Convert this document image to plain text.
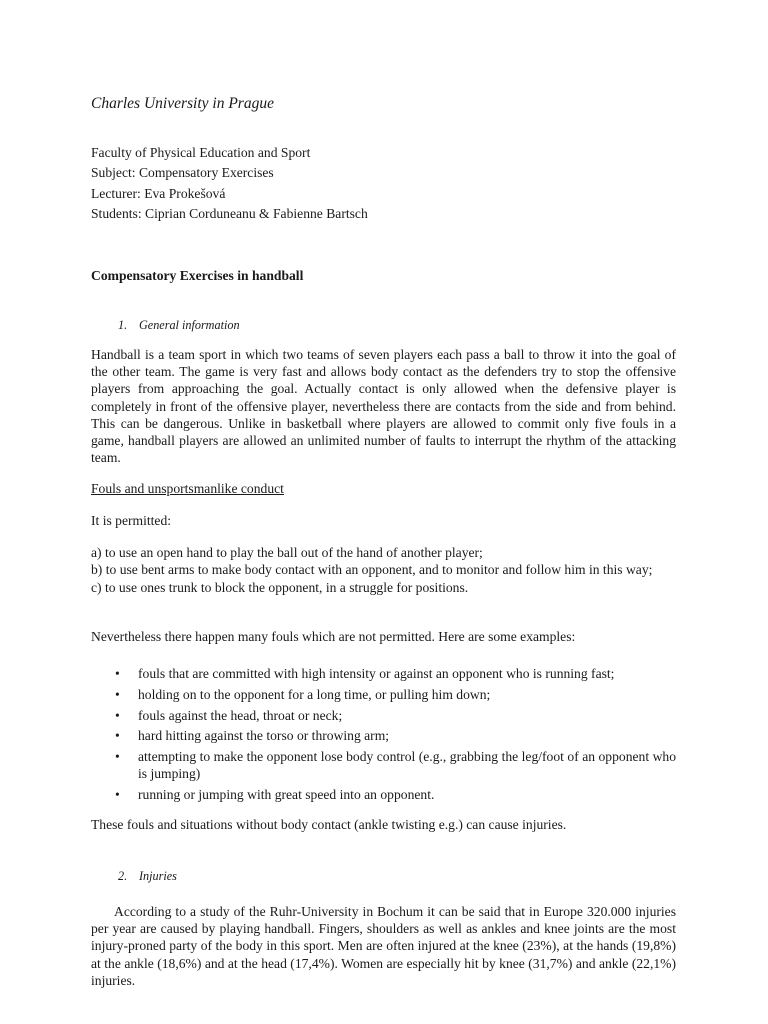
Charles University in Prague
Faculty of Physical Education and Sport
Subject: Compensatory Exercises
Lecturer: Eva Prokešová
Students: Ciprian Corduneanu & Fabienne Bartsch
Compensatory Exercises in handball
1. General information

Handball is a team sport in which two teams of seven players each pass a ball to throw it into the goal of the other team. The game is very fast and allows body contact as the defenders try to stop the offensive players from approaching the goal. Actually contact is only allowed when the defensive player is completely in front of the offensive player, nevertheless there are contacts from the side and from behind. This can be dangerous. Unlike in basketball where players are allowed to commit only five fouls in a game, handball players are allowed an unlimited number of faults to interrupt the rhythm of the attacking team.

Fouls and unsportsmanlike conduct

It is permitted:

a) to use an open hand to play the ball out of the hand of another player;
b) to use bent arms to make body contact with an opponent, and to monitor and follow him in this way;
c) to use ones trunk to block the opponent, in a struggle for positions.

Nevertheless there happen many fouls which are not permitted. Here are some examples:

• fouls that are committed with high intensity or against an opponent who is running fast;
• holding on to the opponent for a long time, or pulling him down;
• fouls against the head, throat or neck;
• hard hitting against the torso or throwing arm;
• attempting to make the opponent lose body control (e.g., grabbing the leg/foot of an opponent who is jumping)
• running or jumping with great speed into an opponent.

These fouls and situations without body contact (ankle twisting e.g.) can cause injuries.

2. Injuries

According to a study of the Ruhr-University in Bochum it can be said that in Europe 320.000 injuries per year are caused by playing handball. Fingers, shoulders as well as ankles and knee joints are the most injury-proned party of the body in this sport. Men are often injured at the knee (23%), at the hands (19,8%) at the ankle (18,6%) and at the head (17,4%). Women are especially hit by knee (31,7%) and ankle (22,1%) injuries.
